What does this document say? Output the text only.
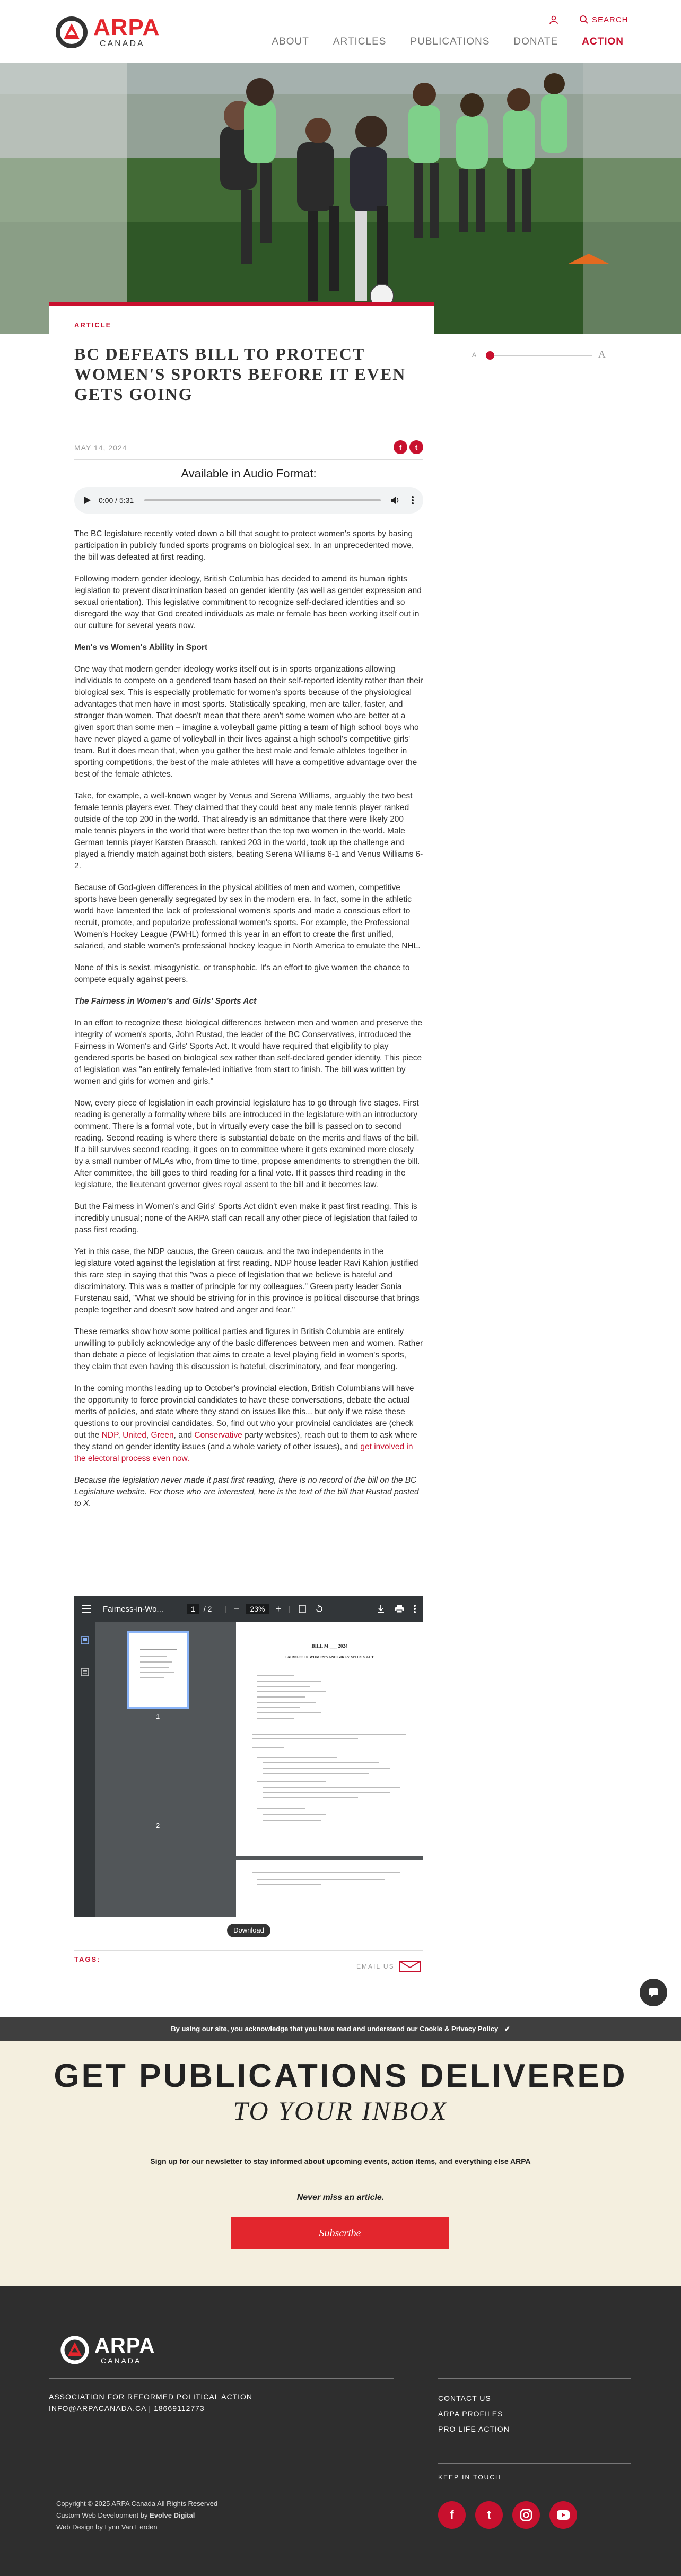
ARPA
CANADA
SEARCH
ABOUT ARTICLES PUBLICATIONS DONATE ACTION
ARTICLE
BC DEFEATS BILL TO PROTECT WOMEN'S SPORTS BEFORE IT EVEN GETS GOING
A	A
MAY 14, 2024	f	t
Available in Audio Format:
0:00 / 5:31

The BC legislature recently voted down a bill that sought to protect women's sports by basing participation in publicly funded sports programs on biological sex. In an unprecedented move, the bill was defeated at first reading.

Following modern gender ideology, British Columbia has decided to amend its human rights legislation to prevent discrimination based on gender identity (as well as gender expression and sexual orientation). This legislative commitment to recognize self-declared identities and so disregard the way that God created individuals as male or female has been working itself out in our culture for several years now.

Men's vs Women's Ability in Sport

One way that modern gender ideology works itself out is in sports organizations allowing individuals to compete on a gendered team based on their self-reported identity rather than their biological sex. This is especially problematic for women's sports because of the physiological advantages that men have in most sports. Statistically speaking, men are taller, faster, and stronger than women. That doesn't mean that there aren't some women who are better at a given sport than some men – imagine a volleyball game pitting a team of high school boys who have never played a game of volleyball in their lives against a high school's competitive girls' team. But it does mean that, when you gather the best male and female athletes together in sporting competitions, the best of the male athletes will have a competitive advantage over the best of the female athletes.

Take, for example, a well-known wager by Venus and Serena Williams, arguably the two best female tennis players ever. They claimed that they could beat any male tennis player ranked outside of the top 200 in the world. That already is an admittance that there were likely 200 male tennis players in the world that were better than the top two women in the world. Male German tennis player Karsten Braasch, ranked 203 in the world, took up the challenge and played a friendly match against both sisters, beating Serena Williams 6-1 and Venus Williams 6-2.

Because of God-given differences in the physical abilities of men and women, competitive sports have been generally segregated by sex in the modern era. In fact, some in the athletic world have lamented the lack of professional women's sports and made a conscious effort to recruit, promote, and popularize professional women's sports. For example, the Professional Women's Hockey League (PWHL) formed this year in an effort to create the first unified, salaried, and stable women's professional hockey league in North America to emulate the NHL.

None of this is sexist, misogynistic, or transphobic. It's an effort to give women the chance to compete equally against peers.

The Fairness in Women's and Girls' Sports Act

In an effort to recognize these biological differences between men and women and preserve the integrity of women's sports, John Rustad, the leader of the BC Conservatives, introduced the Fairness in Women's and Girls' Sports Act. It would have required that eligibility to play gendered sports be based on biological sex rather than self-declared gender identity. This piece of legislation was "an entirely female-led initiative from start to finish. The bill was written by women and girls for women and girls."

Now, every piece of legislation in each provincial legislature has to go through five stages. First reading is generally a formality where bills are introduced in the legislature with an introductory comment. There is a formal vote, but in virtually every case the bill is passed on to second reading. Second reading is where there is substantial debate on the merits and flaws of the bill. If a bill survives second reading, it goes on to committee where it gets examined more closely by a small number of MLAs who, from time to time, propose amendments to strengthen the bill. After committee, the bill goes to third reading for a final vote. If it passes third reading in the legislature, the lieutenant governor gives royal assent to the bill and it becomes law.

But the Fairness in Women's and Girls' Sports Act didn't even make it past first reading. This is incredibly unusual; none of the ARPA staff can recall any other piece of legislation that failed to pass first reading.

Yet in this case, the NDP caucus, the Green caucus, and the two independents in the legislature voted against the legislation at first reading. NDP house leader Ravi Kahlon justified this rare step in saying that this "was a piece of legislation that we believe is hateful and discriminatory. This was a matter of principle for my colleagues." Green party leader Sonia Furstenau said, "What we should be striving for in this province is political discourse that brings people together and doesn't sow hatred and anger and fear."

These remarks show how some political parties and figures in British Columbia are entirely unwilling to publicly acknowledge any of the basic differences between men and women. Rather than debate a piece of legislation that aims to create a level playing field in women's sports, they claim that even having this discussion is hateful, discriminatory, and fear mongering.

In the coming months leading up to October's provincial election, British Columbians will have the opportunity to force provincial candidates to have these conversations, debate the actual merits of policies, and state where they stand on issues like this... but only if we raise these questions to our provincial candidates. So, find out who your provincial candidates are (check out the NDP, United, Green, and Conservative party websites), reach out to them to ask where they stand on gender identity issues (and a whole variety of other issues), and get involved in the electoral process even now.

Because the legislation never made it past first reading, there is no record of the bill on the BC Legislature website. For those who are interested, here is the text of the bill that Rustad posted to X.

Fairness-in-Wo...	1	/ 2 | −	23%	+ |
1
2
BILL M ___ 2024
FAIRNESS IN WOMEN'S AND GIRLS' SPORTS ACT
Download
TAGS:
EMAIL US
By using our site, you acknowledge that you have read and understand our Cookie & Privacy Policy ✔
GET PUBLICATIONS DELIVERED
TO YOUR INBOX
Sign up for our newsletter to stay informed about upcoming events, action items, and everything else ARPA
Never miss an article.
Subscribe
ARPA
CANADA
ASSOCIATION FOR REFORMED POLITICAL ACTION
INFO@ARPACANADA.CA | 18669112773
CONTACT US
ARPA PROFILES
PRO LIFE ACTION
KEEP IN TOUCH
Copyright © 2025 ARPA Canada All Rights Reserved
Custom Web Development by Evolve Digital
Web Design by Lynn Van Eerden
f	t
